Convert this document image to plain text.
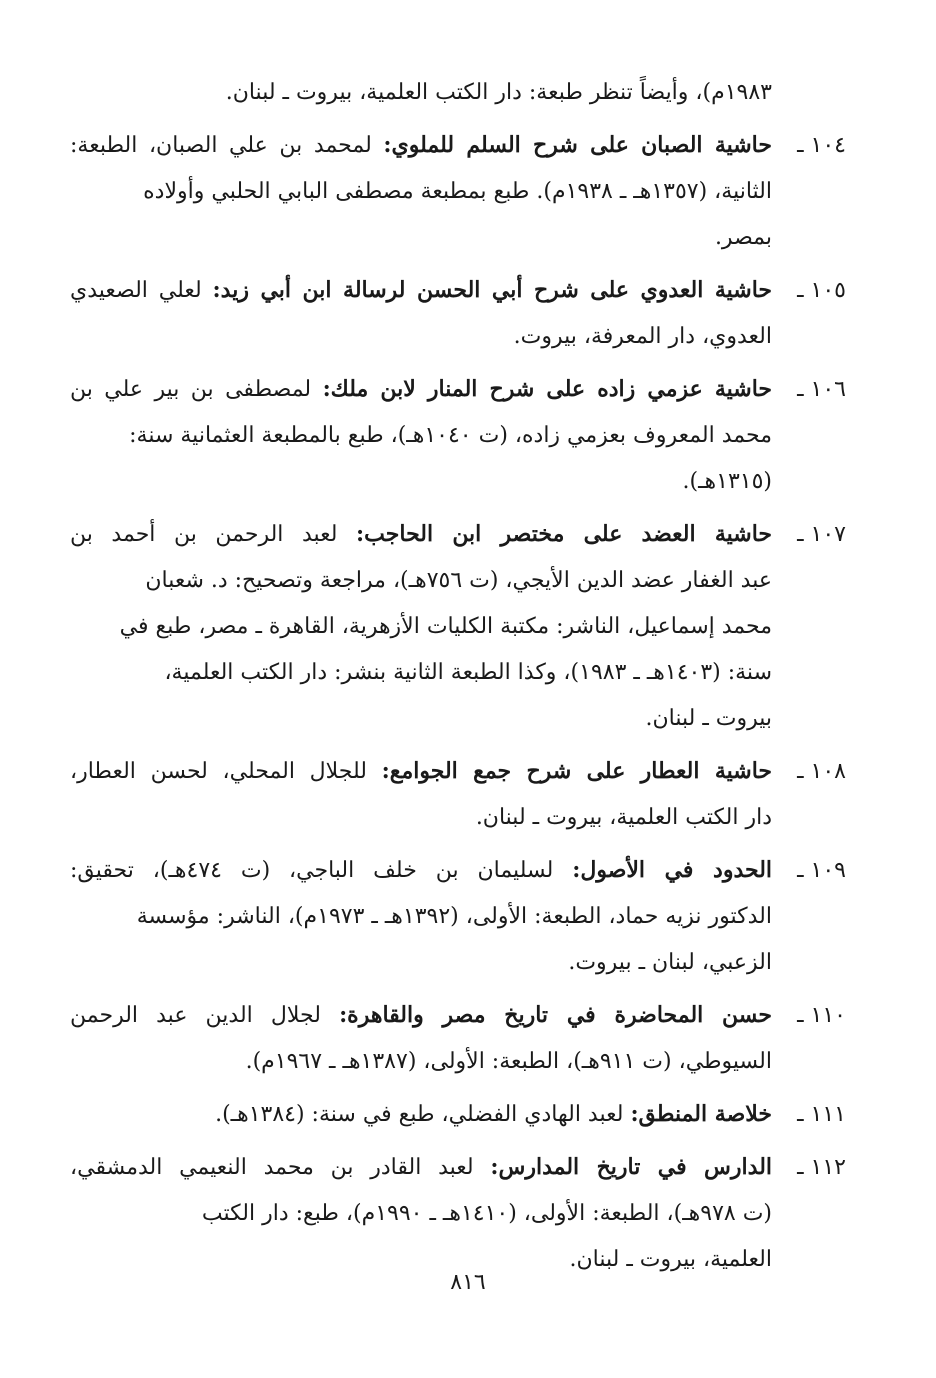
١٩٨٣م)، وأيضاً تنظر طبعة: دار الكتب العلمية، بيروت ـ لبنان.
١٠٤ ـ
حاشية الصبان على شرح السلم للملوي: لمحمد بن علي الصبان، الطبعة:
الثانية، (١٣٥٧هـ ـ ١٩٣٨م). طبع بمطبعة مصطفى البابي الحلبي وأولاده
بمصر.
١٠٥ ـ
حاشية العدوي على شرح أبي الحسن لرسالة ابن أبي زيد: لعلي الصعيدي
العدوي، دار المعرفة، بيروت.
١٠٦ ـ
حاشية عزمي زاده على شرح المنار لابن ملك: لمصطفى بن بير علي بن
محمد المعروف بعزمي زاده، (ت ١٠٤٠هـ)، طبع بالمطبعة العثمانية سنة:
(١٣١٥هـ).
١٠٧ ـ
حاشية العضد على مختصر ابن الحاجب: لعبد الرحمن بن أحمد بن
عبد الغفار عضد الدين الأيجي، (ت ٧٥٦هـ)، مراجعة وتصحيح: د. شعبان
محمد إسماعيل، الناشر: مكتبة الكليات الأزهرية، القاهرة ـ مصر، طبع في
سنة: (١٤٠٣هـ ـ ١٩٨٣)، وكذا الطبعة الثانية بنشر: دار الكتب العلمية،
بيروت ـ لبنان.
١٠٨ ـ
حاشية العطار على شرح جمع الجوامع: للجلال المحلي، لحسن العطار،
دار الكتب العلمية، بيروت ـ لبنان.
١٠٩ ـ
الحدود في الأصول: لسليمان بن خلف الباجي، (ت ٤٧٤هـ)، تحقيق:
الدكتور نزيه حماد، الطبعة: الأولى، (١٣٩٢هـ ـ ١٩٧٣م)، الناشر: مؤسسة
الزعبي، لبنان ـ بيروت.
١١٠ ـ
حسن المحاضرة في تاريخ مصر والقاهرة: لجلال الدين عبد الرحمن
السيوطي، (ت ٩١١هـ)، الطبعة: الأولى، (١٣٨٧هـ ـ ١٩٦٧م).
١١١ ـ
خلاصة المنطق: لعبد الهادي الفضلي، طبع في سنة: (١٣٨٤هـ).
١١٢ ـ
الدارس في تاريخ المدارس: لعبد القادر بن محمد النعيمي الدمشقي،
(ت ٩٧٨هـ)، الطبعة: الأولى، (١٤١٠هـ ـ ١٩٩٠م)، طبع: دار الكتب
العلمية، بيروت ـ لبنان.
٨١٦
